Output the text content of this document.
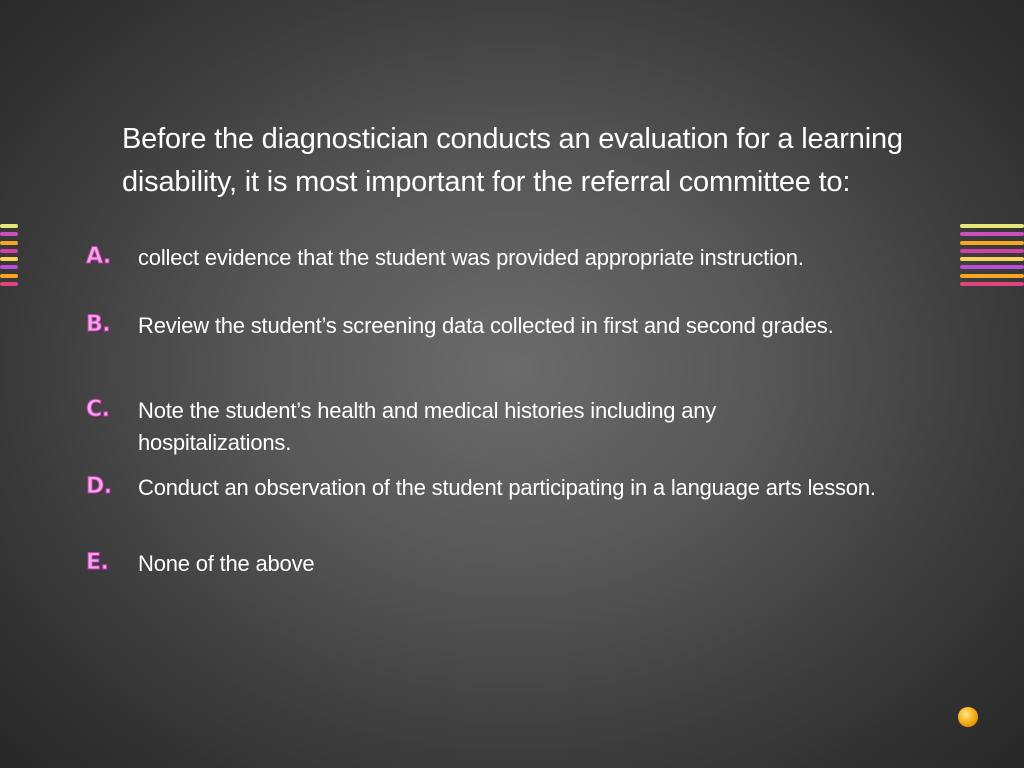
Before the diagnostician conducts an evaluation for a learning disability, it is most important for the referral committee to:
A.	collect evidence that the student was provided appropriate instruction.
B.	Review the student’s screening data collected in first and second grades.
C.	Note the student’s health and medical histories including any hospitalizations.
D.	Conduct an observation of the student participating in a language arts lesson.
E.	None of the above
